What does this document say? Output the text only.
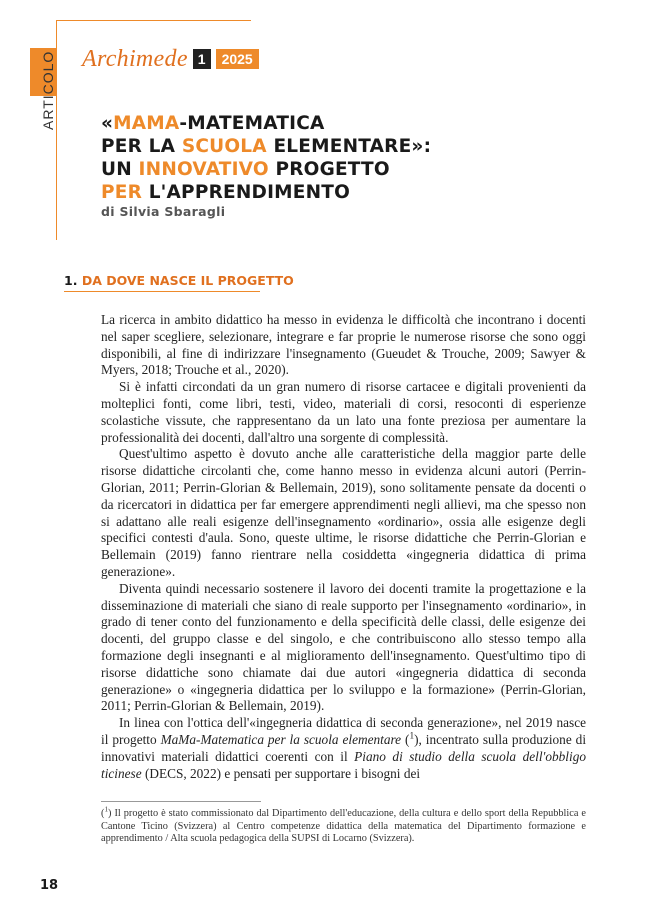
ARTICOLO Archimede 1	2025
«MAMA-MATEMATICA
PER LA SCUOLA ELEMENTARE»:
UN INNOVATIVO PROGETTO
PER L'APPRENDIMENTO
di Silvia Sbaragli
1. DA DOVE NASCE IL PROGETTO

La ricerca in ambito didattico ha messo in evidenza le difficoltà che incontrano i docenti nel saper scegliere, selezionare, integrare e far proprie le numerose risorse che sono oggi disponibili, al fine di indirizzare l'insegnamento (Gueudet & Trouche, 2009; Sawyer & Myers, 2018; Trouche et al., 2020).

Si è infatti circondati da un gran numero di risorse cartacee e digitali provenienti da molteplici fonti, come libri, testi, video, materiali di corsi, resoconti di esperienze scolastiche vissute, che rappresentano da un lato una fonte preziosa per aumentare la professionalità dei docenti, dall'altro una sorgente di complessità.

Quest'ultimo aspetto è dovuto anche alle caratteristiche della maggior parte delle risorse didattiche circolanti che, come hanno messo in evidenza alcuni autori (Perrin-Glorian, 2011; Perrin-Glorian & Bellemain, 2019), sono solitamente pensate da docenti o da ricercatori in didattica per far emergere apprendimenti negli allievi, ma che spesso non si adattano alle reali esigenze dell'insegnamento «ordinario», ossia alle esigenze degli specifici contesti d'aula. Sono, queste ultime, le risorse didattiche che Perrin-Glorian e Bellemain (2019) fanno rientrare nella cosiddetta «ingegneria didattica di prima generazione».

Diventa quindi necessario sostenere il lavoro dei docenti tramite la progettazione e la disseminazione di materiali che siano di reale supporto per l'insegnamento «ordinario», in grado di tener conto del funzionamento e della specificità delle classi, delle esigenze dei docenti, del gruppo classe e del singolo, e che contribuiscono allo stesso tempo alla formazione degli insegnanti e al miglioramento dell'insegnamento. Quest'ultimo tipo di risorse didattiche sono chiamate dai due autori «ingegneria didattica di seconda generazione» o «ingegneria didattica per lo sviluppo e la formazione» (Perrin-Glorian, 2011; Perrin-Glorian & Bellemain, 2019).

In linea con l'ottica dell'«ingegneria didattica di seconda generazione», nel 2019 nasce il progetto MaMa-Matematica per la scuola elementare ($^1$), incentrato sulla produzione di innovativi materiali didattici coerenti con il Piano di studio della scuola dell'obbligo ticinese (DECS, 2022) e pensati per supportare i bisogni dei

($^1$) Il progetto è stato commissionato dal Dipartimento dell'educazione, della cultura e dello sport della Repubblica e Cantone Ticino (Svizzera) al Centro competenze didattica della matematica del Dipartimento formazione e apprendimento / Alta scuola pedagogica della SUPSI di Locarno (Svizzera).
18
